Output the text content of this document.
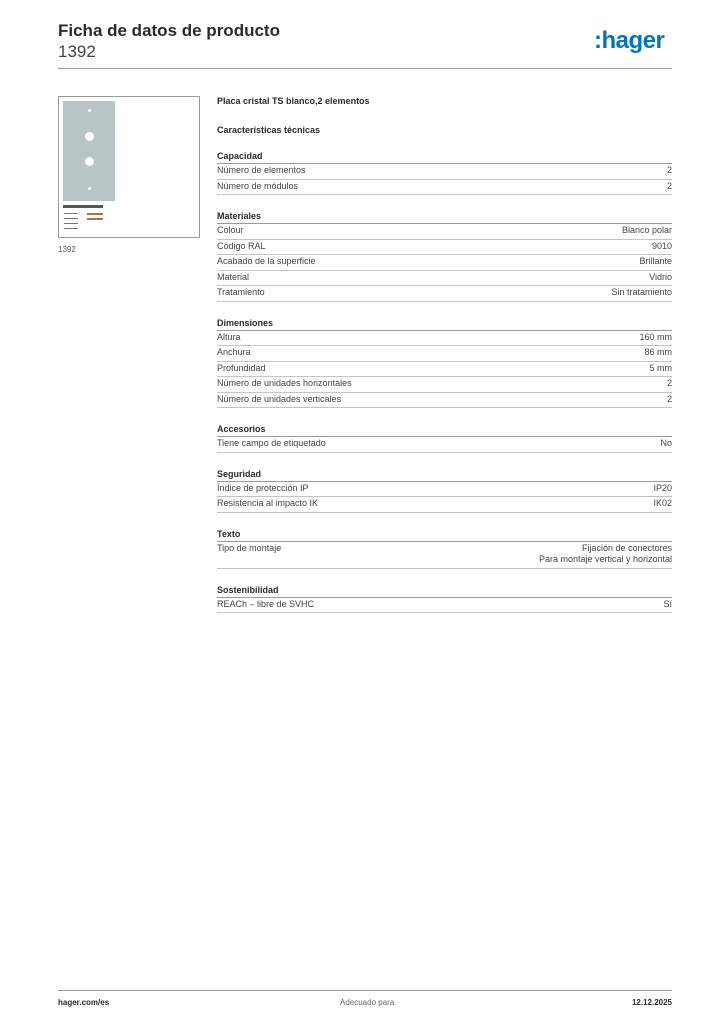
Ficha de datos de producto
1392	:hager
1392
Placa cristal TS blanco,2 elementos
Características técnicas
Capacidad
Número de elementos	2
Número de módulos	2
Materiales
Colour	Blanco polar
Código RAL	9010
Acabado de la superficie	Brillante
Material	Vidrio
Tratamiento	Sin tratamiento
Dimensiones
Altura	160 mm
Anchura	86 mm
Profundidad	5 mm
Número de unidades horizontales	2
Número de unidades verticales	2
Accesorios
Tiene campo de etiquetado	No
Seguridad
Índice de protección IP	IP20
Resistencia al impacto IK	IK02
Texto
Tipo de montaje	Fijación de conectores
Para montaje vertical y horizontal
Sostenibilidad
REACh – libre de SVHC	Sí
hager.com/es	Adecuado para	12.12.2025
